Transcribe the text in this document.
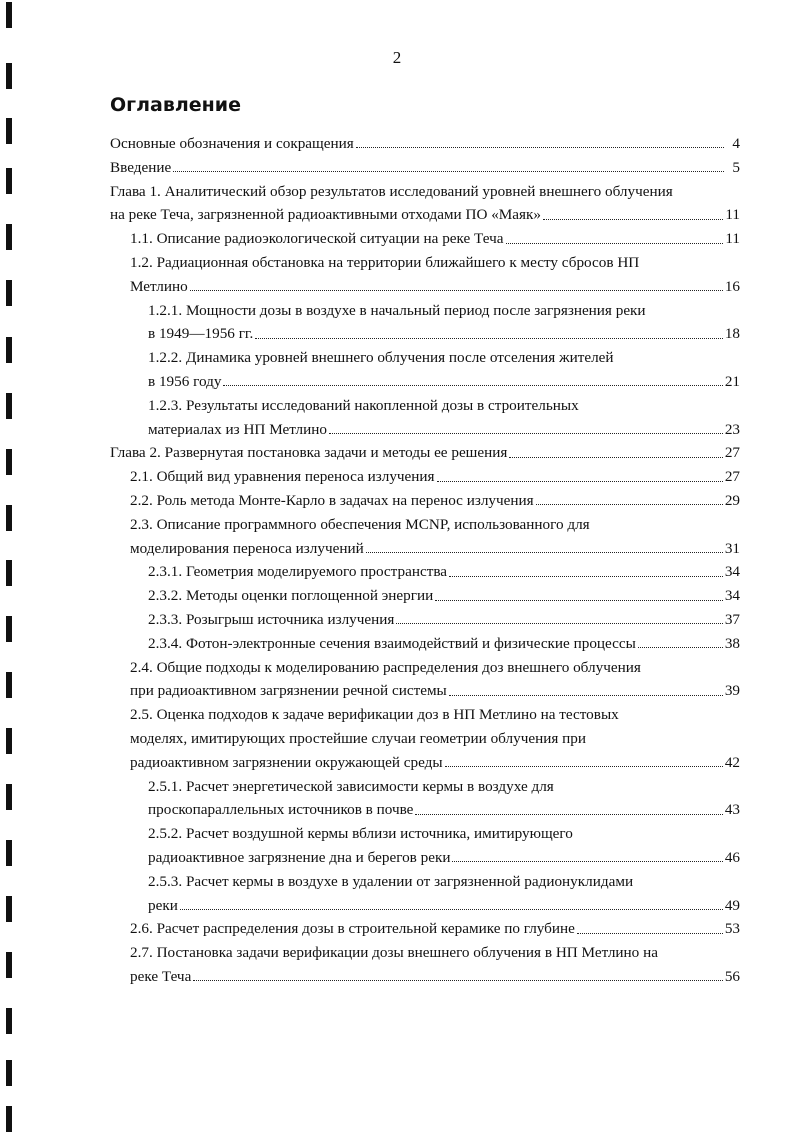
2
Оглавление
Основные обозначения и сокращения	4
Введение	5
Глава 1. Аналитический обзор результатов исследований уровней внешнего облучения
на реке Теча, загрязненной радиоактивными отходами ПО «Маяк»	11
1.1. Описание радиоэкологической ситуации на реке Теча	11
1.2. Радиационная обстановка на территории ближайшего к месту сбросов НП
Метлино	16
1.2.1. Мощности дозы в воздухе в начальный период после загрязнения реки
в 1949—1956 гг.	18
1.2.2. Динамика уровней внешнего облучения после отселения жителей
в 1956 году	21
1.2.3. Результаты исследований накопленной дозы в строительных
материалах из НП Метлино	23
Глава 2. Развернутая постановка задачи и методы ее решения	27
2.1. Общий вид уравнения переноса излучения	27
2.2. Роль метода Монте-Карло в задачах на перенос излучения	29
2.3. Описание программного обеспечения MCNP, использованного для
моделирования переноса излучений	31
2.3.1. Геометрия моделируемого пространства	34
2.3.2. Методы оценки поглощенной энергии	34
2.3.3. Розыгрыш источника излучения	37
2.3.4. Фотон-электронные сечения взаимодействий и физические процессы	38
2.4. Общие подходы к моделированию распределения доз внешнего облучения
при радиоактивном загрязнении речной системы	39
2.5. Оценка подходов к задаче верификации доз в НП Метлино на тестовых
моделях, имитирующих простейшие случаи геометрии облучения при
радиоактивном загрязнении окружающей среды	42
2.5.1. Расчет энергетической зависимости кермы в воздухе для
проскопараллельных источников в почве	43
2.5.2. Расчет воздушной кермы вблизи источника, имитирующего
радиоактивное загрязнение дна и берегов реки	46
2.5.3. Расчет кермы в воздухе в удалении от загрязненной радионуклидами
реки	49
2.6. Расчет распределения дозы в строительной керамике по глубине	53
2.7. Постановка задачи верификации дозы внешнего облучения в НП Метлино на
реке Теча	56
